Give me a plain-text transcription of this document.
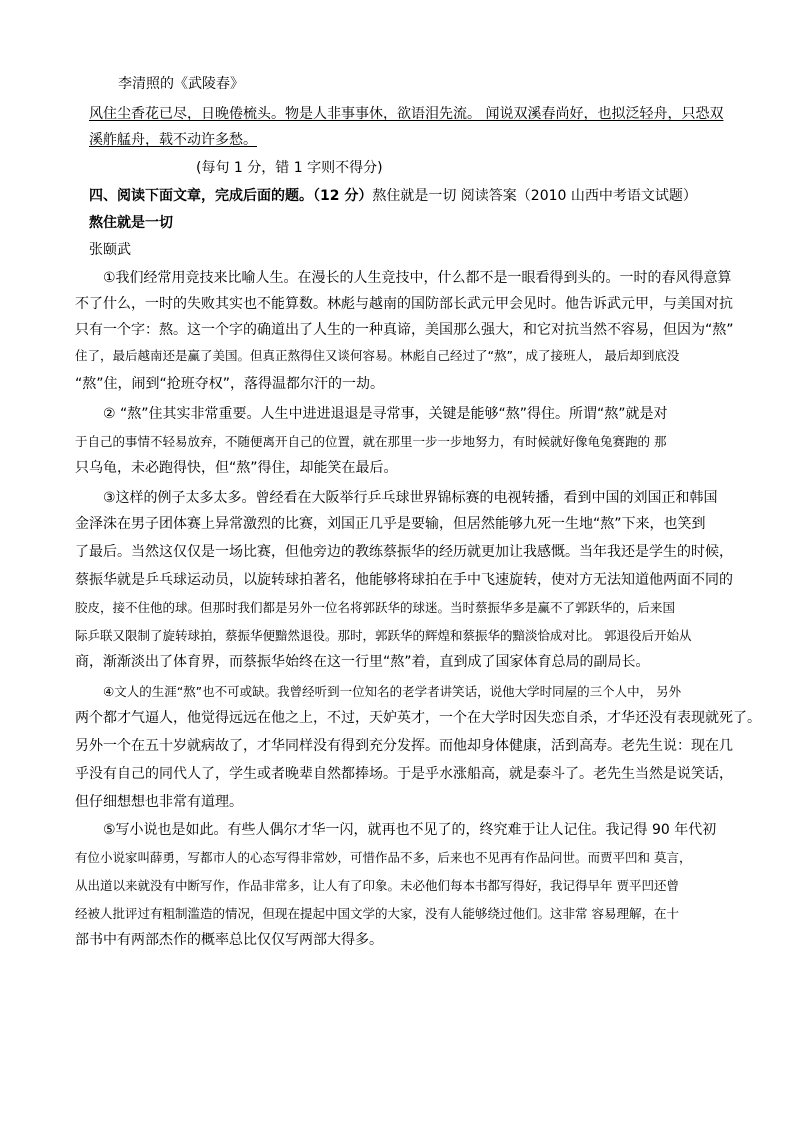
李清照的《武陵春》
风住尘香花已尽，日晚倦梳头。物是人非事事休，欲语泪先流。 闻说双溪春尚好，也拟泛轻舟，只恐双
溪舴艋舟，载不动许多愁。
(每句 1 分，错 1 字则不得分)
四、阅读下面文章，完成后面的题。（12 分）熬住就是一切 阅读答案（2010 山西中考语文试题）
熬住就是一切
张颐武
①我们经常用竞技来比喻人生。在漫长的人生竞技中，什么都不是一眼看得到头的。一时的春风得意算
不了什么，一时的失败其实也不能算数。林彪与越南的国防部长武元甲会见时。他告诉武元甲，与美国对抗
只有一个字：熬。这一个字的确道出了人生的一种真谛，美国那么强大，和它对抗当然不容易，但因为“熬”
住了，最后越南还是赢了美国。但真正熬得住又谈何容易。林彪自己经过了“熬”，成了接班人， 最后却到底没
“熬”住，闹到“抢班夺权”，落得温都尔汗的一劫。
② “熬”住其实非常重要。人生中进进退退是寻常事，关键是能够“熬”得住。所谓“熬”就是对
于自己的事情不轻易放弃，不随便离开自己的位置，就在那里一步一步地努力，有时候就好像龟兔赛跑的 那
只乌龟，未必跑得快，但“熬”得住，却能笑在最后。
③这样的例子太多太多。曾经看在大阪举行乒乓球世界锦标赛的电视转播，看到中国的刘国正和韩国
金泽洙在男子团体赛上异常激烈的比赛，刘国正几乎是要输，但居然能够九死一生地“熬”下来，也笑到
了最后。当然这仅仅是一场比赛，但他旁边的教练蔡振华的经历就更加让我感慨。当年我还是学生的时候，
蔡振华就是乒乓球运动员，以旋转球拍著名，他能够将球拍在手中飞速旋转，使对方无法知道他两面不同的
胶皮，接不住他的球。但那时我们都是另外一位名将郭跃华的球迷。当时蔡振华多是赢不了郭跃华的，后来国
际乒联又限制了旋转球拍，蔡振华便黯然退役。那时，郭跃华的辉煌和蔡振华的黯淡恰成对比。 郭退役后开始从
商，渐渐淡出了体育界，而蔡振华始终在这一行里“熬”着，直到成了国家体育总局的副局长。
④文人的生涯“熬”也不可或缺。我曾经听到一位知名的老学者讲笑话，说他大学时同屋的三个人中， 另外
两个都才气逼人，他觉得远远在他之上，不过，天妒英才，一个在大学时因失恋自杀，才华还没有表现就死了。
另外一个在五十岁就病故了，才华同样没有得到充分发挥。而他却身体健康，活到高寿。老先生说：现在几
乎没有自己的同代人了，学生或者晚辈自然都捧场。于是乎水涨船高，就是泰斗了。老先生当然是说笑话，
但仔细想想也非常有道理。
⑤写小说也是如此。有些人偶尔才华一闪，就再也不见了的，终究难于让人记住。我记得 90 年代初
有位小说家叫薛勇，写都市人的心态写得非常妙，可惜作品不多，后来也不见再有作品问世。而贾平凹和 莫言，
从出道以来就没有中断写作，作品非常多，让人有了印象。未必他们每本书都写得好，我记得早年 贾平凹还曾
经被人批评过有粗制滥造的情况，但现在提起中国文学的大家，没有人能够绕过他们。这非常 容易理解，在十
部书中有两部杰作的概率总比仅仅写两部大得多。
